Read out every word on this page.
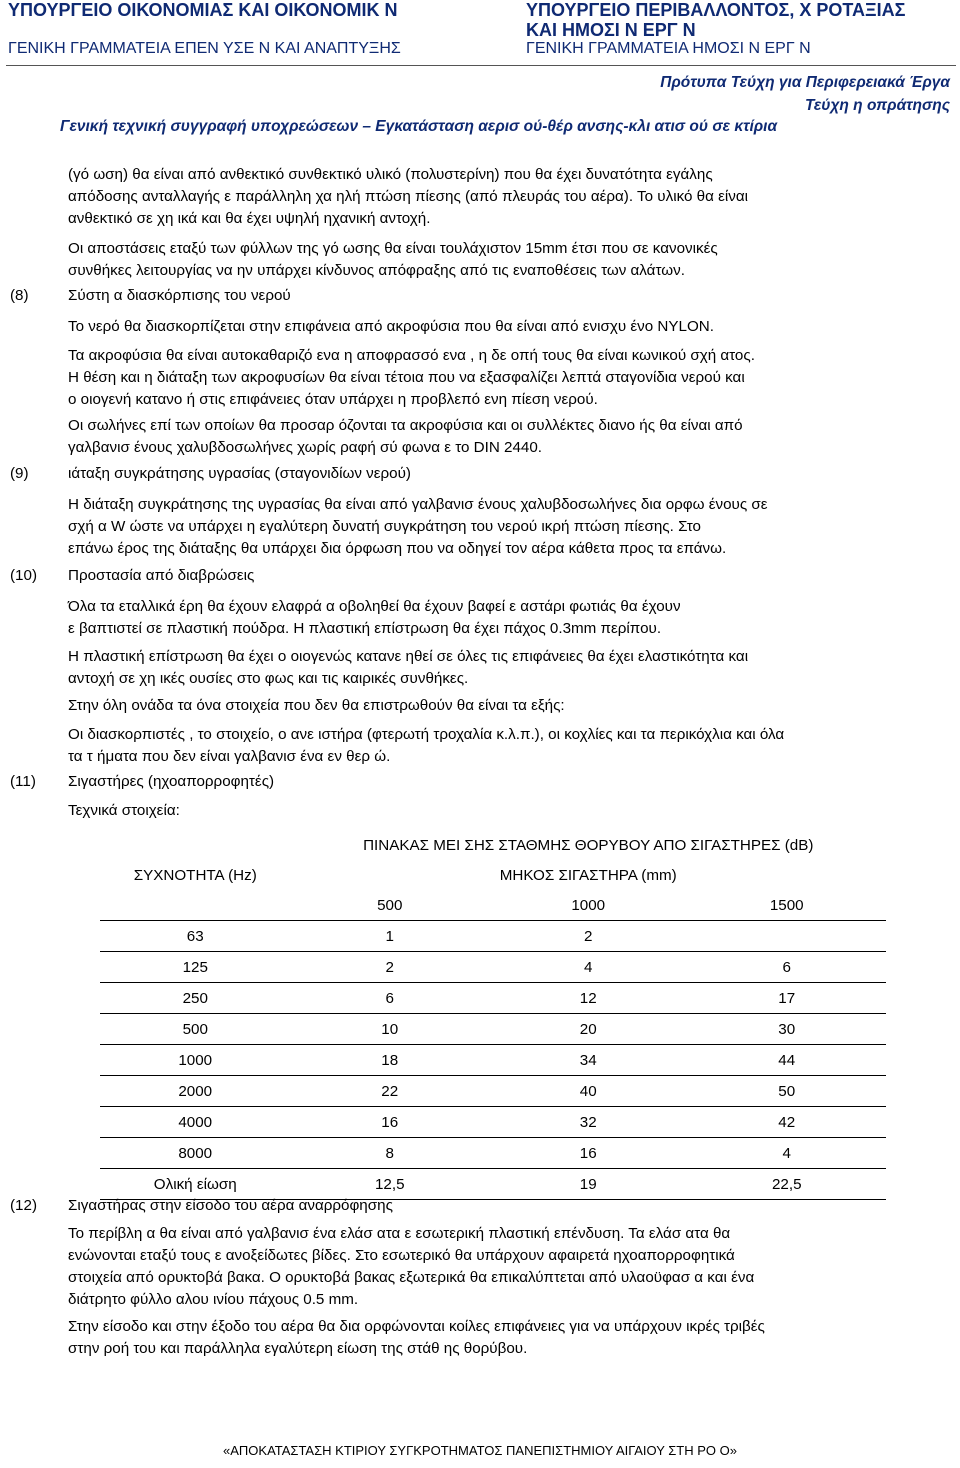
ΥΠΟΥΡΓΕΙΟ ΟΙΚΟΝΟΜΙΑΣ ΚΑΙ ΟΙΚΟΝΟΜΙΚ Ν
ΓΕΝΙΚΗ ΓΡΑΜΜΑΤΕΙΑ ΕΠΕΝ ΥΣΕ Ν ΚΑΙ ΑΝΑΠΤΥΞΗΣ
ΥΠΟΥΡΓΕΙΟ ΠΕΡΙΒΑΛΛΟΝΤΟΣ, Χ ΡΟΤΑΞΙΑΣ
ΚΑΙ ΗΜΟΣΙ Ν ΕΡΓ Ν
ΓΕΝΙΚΗ ΓΡΑΜΜΑΤΕΙΑ ΗΜΟΣΙ Ν ΕΡΓ Ν
Πρότυπα Τεύχη για Περιφερειακά Έργα
Τεύχη η οπράτησης
Γενική τεχνική συγγραφή υποχρεώσεων – Εγκατάσταση αερισ ού-θέρ ανσης-κλι ατισ ού σε κτίρια
(γό ωση) θα είναι από ανθεκτικό συνθεκτικό υλικό (πολυστερίνη) που θα έχει δυνατότητα εγάλης
απόδοσης ανταλλαγής ε παράλληλη χα ηλή πτώση πίεσης (από πλευράς του αέρα). Το υλικό θα είναι
ανθεκτικό σε χη ικά και θα έχει υψηλή ηχανική αντοχή.
Οι αποστάσεις εταξύ των φύλλων της γό ωσης θα είναι τουλάχιστον 15mm έτσι που σε κανονικές
συνθήκες λειτουργίας να ην υπάρχει κίνδυνος απόφραξης από τις εναποθέσεις των αλάτων.
(8)	Σύστη α διασκόρπισης του νερού
Το νερό θα διασκορπίζεται στην επιφάνεια από ακροφύσια που θα είναι από ενισχυ ένο NYLON.
Τα ακροφύσια θα είναι αυτοκαθαριζό ενα η αποφρασσό ενα , η δε οπή τους θα είναι κωνικού σχή ατος.
Η θέση και η διάταξη των ακροφυσίων θα είναι τέτοια που να εξασφαλίζει λεπτά σταγονίδια νερού και
ο οιογενή κατανο ή στις επιφάνειες όταν υπάρχει η προβλεπό ενη πίεση νερού.
Οι σωλήνες επί των οποίων θα προσαρ όζονται τα ακροφύσια και οι συλλέκτες διανο ής θα είναι από
γαλβανισ ένους χαλυβδοσωλήνες χωρίς ραφή σύ φωνα ε το DIN 2440.
(9)	ιάταξη συγκράτησης υγρασίας (σταγονιδίων νερού)
Η διάταξη συγκράτησης της υγρασίας θα είναι από γαλβανισ ένους χαλυβδοσωλήνες δια ορφω ένους σε
σχή α W ώστε να υπάρχει η εγαλύτερη δυνατή συγκράτηση του νερού ικρή πτώση πίεσης. Στο
επάνω έρος της διάταξης θα υπάρχει δια όρφωση που να οδηγεί τον αέρα κάθετα προς τα επάνω.
(10) Προστασία από διαβρώσεις
Όλα τα εταλλικά έρη θα έχουν ελαφρά α οβοληθεί θα έχουν βαφεί ε αστάρι φωτιάς θα έχουν
ε βαπτιστεί σε πλαστική πούδρα. Η πλαστική επίστρωση θα έχει πάχος 0.3mm περίπου.
Η πλαστική επίστρωση θα έχει ο οιογενώς κατανε ηθεί σε όλες τις επιφάνειες θα έχει ελαστικότητα και
αντοχή σε χη ικές ουσίες στο φως και τις καιρικές συνθήκες.
Στην όλη ονάδα τα όνα στοιχεία που δεν θα επιστρωθούν θα είναι τα εξής:
Οι διασκορπιστές , το στοιχείο, ο ανε ιστήρα (φτερωτή τροχαλία κ.λ.π.), οι κοχλίες και τα περικόχλια και όλα
τα τ ήματα που δεν είναι γαλβανισ ένα εν θερ ώ.
(11) Σιγαστήρες (ηχοαπορροφητές)
Τεχνικά στοιχεία:
	ΠΙΝΑΚΑΣ ΜΕΙ ΣΗΣ ΣΤΑΘΜΗΣ ΘΟΡΥΒΟΥ ΑΠΟ ΣΙΓΑΣΤΗΡΕΣ (dB)		
ΣΥΧΝΟΤΗΤΑ (Hz)	ΜΗΚΟΣ ΣΙΓΑΣΤΗΡΑ (mm)		
	500	1000	1500
63	1	2	
125	2	4	6
250	6	12	17
500	10	20	30
1000	18	34	44
2000	22	40	50
4000	16	32	42
8000	8	16	4
Ολική είωση	12,5	19	22,5
(12) Σιγαστήρας στην είσοδο του αέρα αναρρόφησης
Το περίβλη α θα είναι από γαλβανισ ένα ελάσ ατα ε εσωτερική πλαστική επένδυση. Τα ελάσ ατα θα
ενώνονται εταξύ τους ε ανοξείδωτες βίδες. Στο εσωτερικό θα υπάρχουν αφαιρετά ηχοαπορροφητικά
στοιχεία από ορυκτοβά βακα. Ο ορυκτοβά βακας εξωτερικά θα επικαλύπτεται από υλαοϋφασ α και ένα
διάτρητο φύλλο αλου ινίου πάχους 0.5 mm.
Στην είσοδο και στην έξοδο του αέρα θα δια ορφώνονται κοίλες επιφάνειες για να υπάρχουν ικρές τριβές
στην ροή του και παράλληλα εγαλύτερη είωση της στάθ ης θορύβου.
«ΑΠΟΚΑΤΑΣΤΑΣΗ ΚΤΙΡΙΟΥ ΣΥΓΚΡΟΤΗΜΑΤΟΣ ΠΑΝΕΠΙΣΤΗΜΙΟΥ ΑΙΓΑΙΟΥ ΣΤΗ ΡΟ Ο»
